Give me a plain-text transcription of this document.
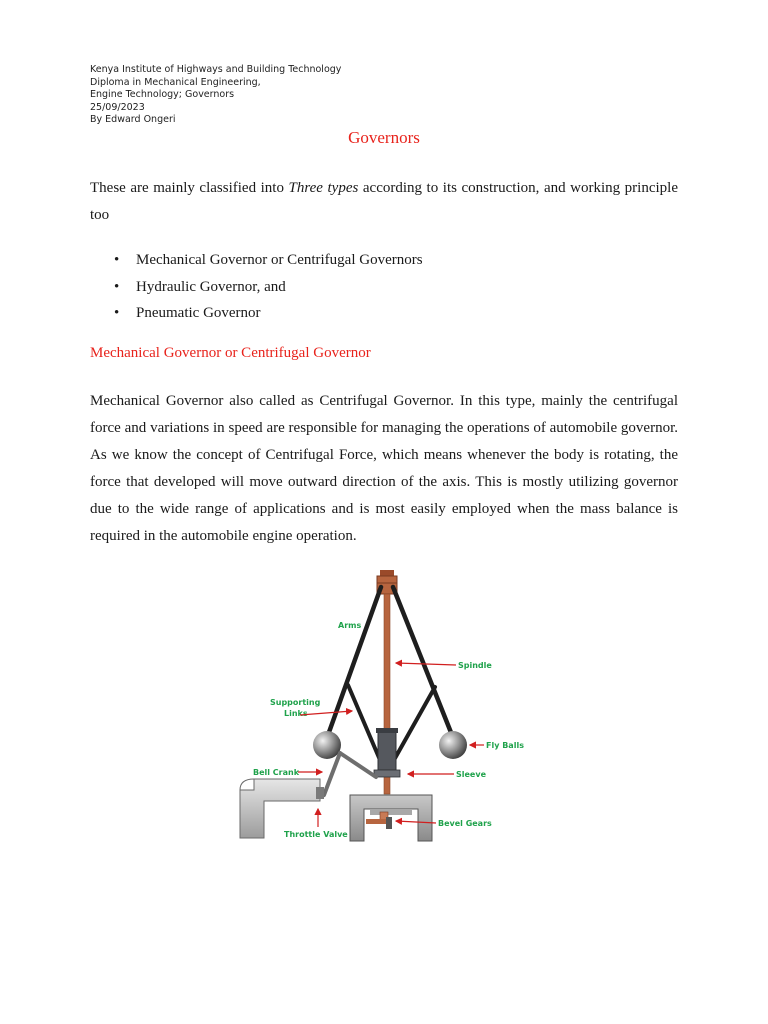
Kenya Institute of Highways and Building Technology
Diploma in Mechanical Engineering,
Engine Technology; Governors
25/09/2023
By Edward Ongeri
Governors
These are mainly classified into Three types according to its construction, and working principle too
• Mechanical Governor or Centrifugal Governors
• Hydraulic Governor, and
• Pneumatic Governor
Mechanical Governor or Centrifugal Governor
Mechanical Governor also called as Centrifugal Governor. In this type, mainly the centrifugal force and variations in speed are responsible for managing the operations of automobile governor. As we know the concept of Centrifugal Force, which means whenever the body is rotating, the force that developed will move outward direction of the axis. This is mostly utilizing governor due to the wide range of applications and is most easily employed when the mass balance is required in the automobile engine operation.
Arms
Spindle
Supporting
Links
Fly Balls
Bell Crank	Sleeve
Bevel Gears
Throttle Valve
